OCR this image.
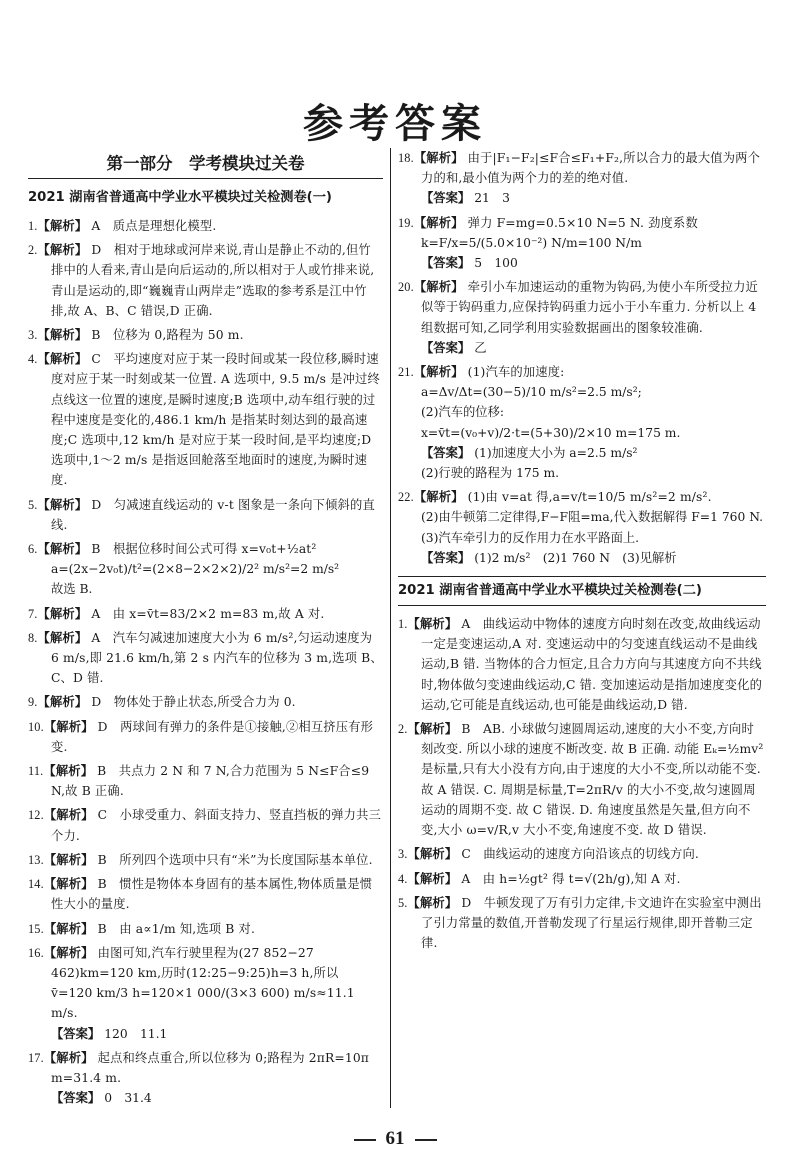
参考答案
第一部分　学考模块过关卷
2021 湖南省普通高中学业水平模块过关检测卷(一)
1.【解析】 A　质点是理想化模型.
2.【解析】 D　相对于地球或河岸来说,青山是静止不动的,但竹排中的人看来,青山是向后运动的,所以相对于人或竹排来说,青山是运动的,即“巍巍青山两岸走”选取的参考系是江中竹排,故 A、B、C 错误,D 正确.
3.【解析】 B　位移为 0,路程为 50 m.
4.【解析】 C　平均速度对应于某一段时间或某一段位移,瞬时速度对应于某一时刻或某一位置. A 选项中, 9.5 m/s 是冲过终点线这一位置的速度,是瞬时速度;B 选项中,动车组行驶的过程中速度是变化的,486.1 km/h 是指某时刻达到的最高速度;C 选项中,12 km/h 是对应于某一段时间,是平均速度;D 选项中,1～2 m/s 是指返回舱落至地面时的速度,为瞬时速度.
5.【解析】 D　匀减速直线运动的 v-t 图象是一条向下倾斜的直线.
6.【解析】 B　根据位移时间公式可得 x=v₀t+½at²
a=(2x−2v₀t)/t²=(2×8−2×2×2)/2² m/s²=2 m/s²
故选 B.
7.【解析】 A　由 x=v̄t=83/2×2 m=83 m,故 A 对.
8.【解析】 A　汽车匀减速加速度大小为 6 m/s²,匀运动速度为 6 m/s,即 21.6 km/h,第 2 s 内汽车的位移为 3 m,选项 B、C、D 错.
9.【解析】 D　物体处于静止状态,所受合力为 0.
10.【解析】 D　两球间有弹力的条件是①接触,②相互挤压有形变.
11.【解析】 B　共点力 2 N 和 7 N,合力范围为 5 N≤F合≤9 N,故 B 正确.
12.【解析】 C　小球受重力、斜面支持力、竖直挡板的弹力共三个力.
13.【解析】 B　所列四个选项中只有“米”为长度国际基本单位.
14.【解析】 B　惯性是物体本身固有的基本属性,物体质量是惯性大小的量度.
15.【解析】 B　由 a∝1/m 知,选项 B 对.
16.【解析】 由图可知,汽车行驶里程为(27 852−27 462)km=120 km,历时(12:25−9:25)h=3 h,所以 v̄=120 km/3 h=120×1 000/(3×3 600) m/s≈11.1 m/s.
【答案】 120　11.1
17.【解析】 起点和终点重合,所以位移为 0;路程为 2πR=10π m=31.4 m.
【答案】 0　31.4
18.【解析】 由于|F₁−F₂|≤F合≤F₁+F₂,所以合力的最大值为两个力的和,最小值为两个力的差的绝对值.
【答案】 21　3
19.【解析】 弹力 F=mg=0.5×10 N=5 N. 劲度系数
k=F/x=5/(5.0×10⁻²) N/m=100 N/m
【答案】 5　100
20.【解析】 牵引小车加速运动的重物为钩码,为使小车所受拉力近似等于钩码重力,应保持钩码重力远小于小车重力. 分析以上 4 组数据可知,乙同学利用实验数据画出的图象较准确.
【答案】 乙
21.【解析】 (1)汽车的加速度:
a=Δv/Δt=(30−5)/10 m/s²=2.5 m/s²;
(2)汽车的位移:
x=v̄t=(v₀+v)/2·t=(5+30)/2×10 m=175 m.
【答案】 (1)加速度大小为 a=2.5 m/s²
(2)行驶的路程为 175 m.
22.【解析】 (1)由 v=at 得,a=v/t=10/5 m/s²=2 m/s².
(2)由牛顿第二定律得,F−F阻=ma,代入数据解得 F=1 760 N.
(3)汽车牵引力的反作用力在水平路面上.
【答案】 (1)2 m/s²　(2)1 760 N　(3)见解析
2021 湖南省普通高中学业水平模块过关检测卷(二)
1.【解析】 A　曲线运动中物体的速度方向时刻在改变,故曲线运动一定是变速运动,A 对. 变速运动中的匀变速直线运动不是曲线运动,B 错. 当物体的合力恒定,且合力方向与其速度方向不共线时,物体做匀变速曲线运动,C 错. 变加速运动是指加速度变化的运动,它可能是直线运动,也可能是曲线运动,D 错.
2.【解析】 B　AB. 小球做匀速圆周运动,速度的大小不变,方向时刻改变. 所以小球的速度不断改变. 故 B 正确. 动能 Eₖ=½mv² 是标量,只有大小没有方向,由于速度的大小不变,所以动能不变. 故 A 错误. C. 周期是标量,T=2πR/v 的大小不变,故匀速圆周运动的周期不变. 故 C 错误. D. 角速度虽然是矢量,但方向不变,大小 ω=v/R,v 大小不变,角速度不变. 故 D 错误.
3.【解析】 C　曲线运动的速度方向沿该点的切线方向.
4.【解析】 A　由 h=½gt² 得 t=√(2h/g),知 A 对.
5.【解析】 D　牛顿发现了万有引力定律,卡文迪许在实验室中测出了引力常量的数值,开普勒发现了行星运行规律,即开普勒三定律.
61
